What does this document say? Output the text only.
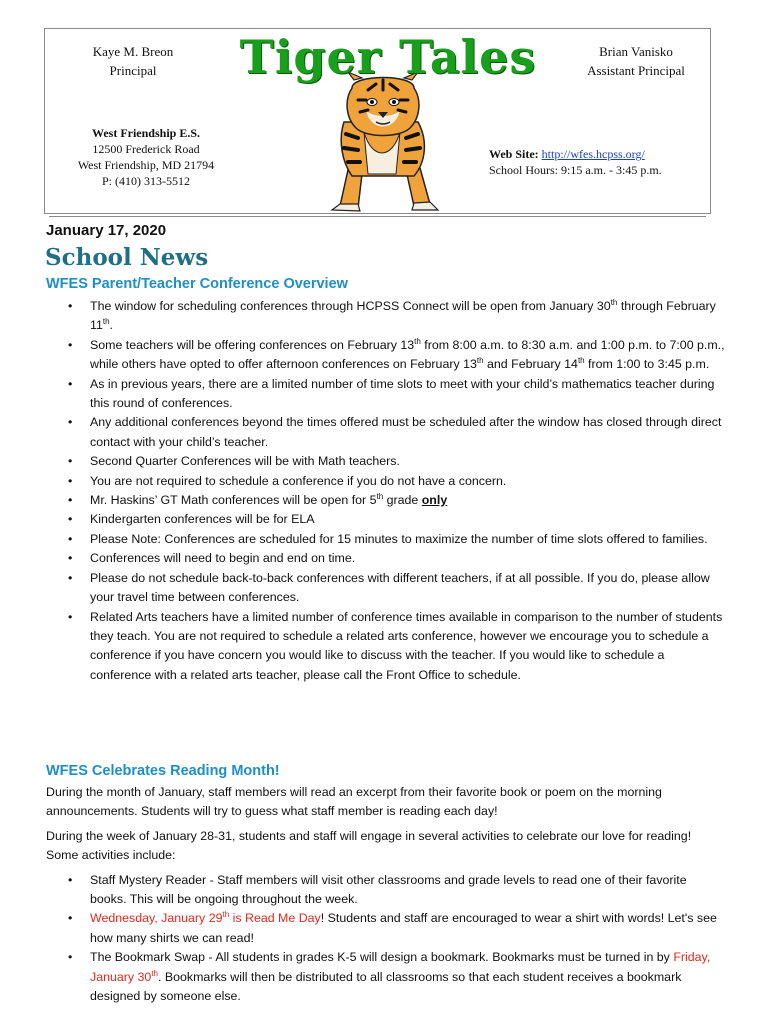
Kaye M. Breon
Principal	Tiger Tales	Brian Vanisko
Assistant Principal
West Friendship E.S.
12500 Frederick Road
West Friendship, MD 21794
P: (410) 313-5512
Web Site: http://wfes.hcpss.org/
School Hours: 9:15 a.m. - 3:45 p.m.
January 17, 2020
School News
WFES Parent/Teacher Conference Overview
• The window for scheduling conferences through HCPSS Connect will be open from January 30th through February 11th.
• Some teachers will be offering conferences on February 13th from 8:00 a.m. to 8:30 a.m. and 1:00 p.m. to 7:00 p.m., while others have opted to offer afternoon conferences on February 13th and February 14th from 1:00 to 3:45 p.m.
• As in previous years, there are a limited number of time slots to meet with your child’s mathematics teacher during this round of conferences.
• Any additional conferences beyond the times offered must be scheduled after the window has closed through direct contact with your child’s teacher.
• Second Quarter Conferences will be with Math teachers.
• You are not required to schedule a conference if you do not have a concern.
• Mr. Haskins’ GT Math conferences will be open for 5th grade only
• Kindergarten conferences will be for ELA
• Please Note: Conferences are scheduled for 15 minutes to maximize the number of time slots offered to families.
• Conferences will need to begin and end on time.
• Please do not schedule back-to-back conferences with different teachers, if at all possible. If you do, please allow your travel time between conferences.
• Related Arts teachers have a limited number of conference times available in comparison to the number of students they teach. You are not required to schedule a related arts conference, however we encourage you to schedule a conference if you have concern you would like to discuss with the teacher. If you would like to schedule a conference with a related arts teacher, please call the Front Office to schedule.
WFES Celebrates Reading Month!

During the month of January, staff members will read an excerpt from their favorite book or poem on the morning announcements. Students will try to guess what staff member is reading each day!

During the week of January 28-31, students and staff will engage in several activities to celebrate our love for reading! Some activities include:

• Staff Mystery Reader - Staff members will visit other classrooms and grade levels to read one of their favorite books. This will be ongoing throughout the week.
• Wednesday, January 29th is Read Me Day! Students and staff are encouraged to wear a shirt with words! Let's see how many shirts we can read!
• The Bookmark Swap - All students in grades K-5 will design a bookmark. Bookmarks must be turned in by Friday, January 30th. Bookmarks will then be distributed to all classrooms so that each student receives a bookmark designed by someone else.
